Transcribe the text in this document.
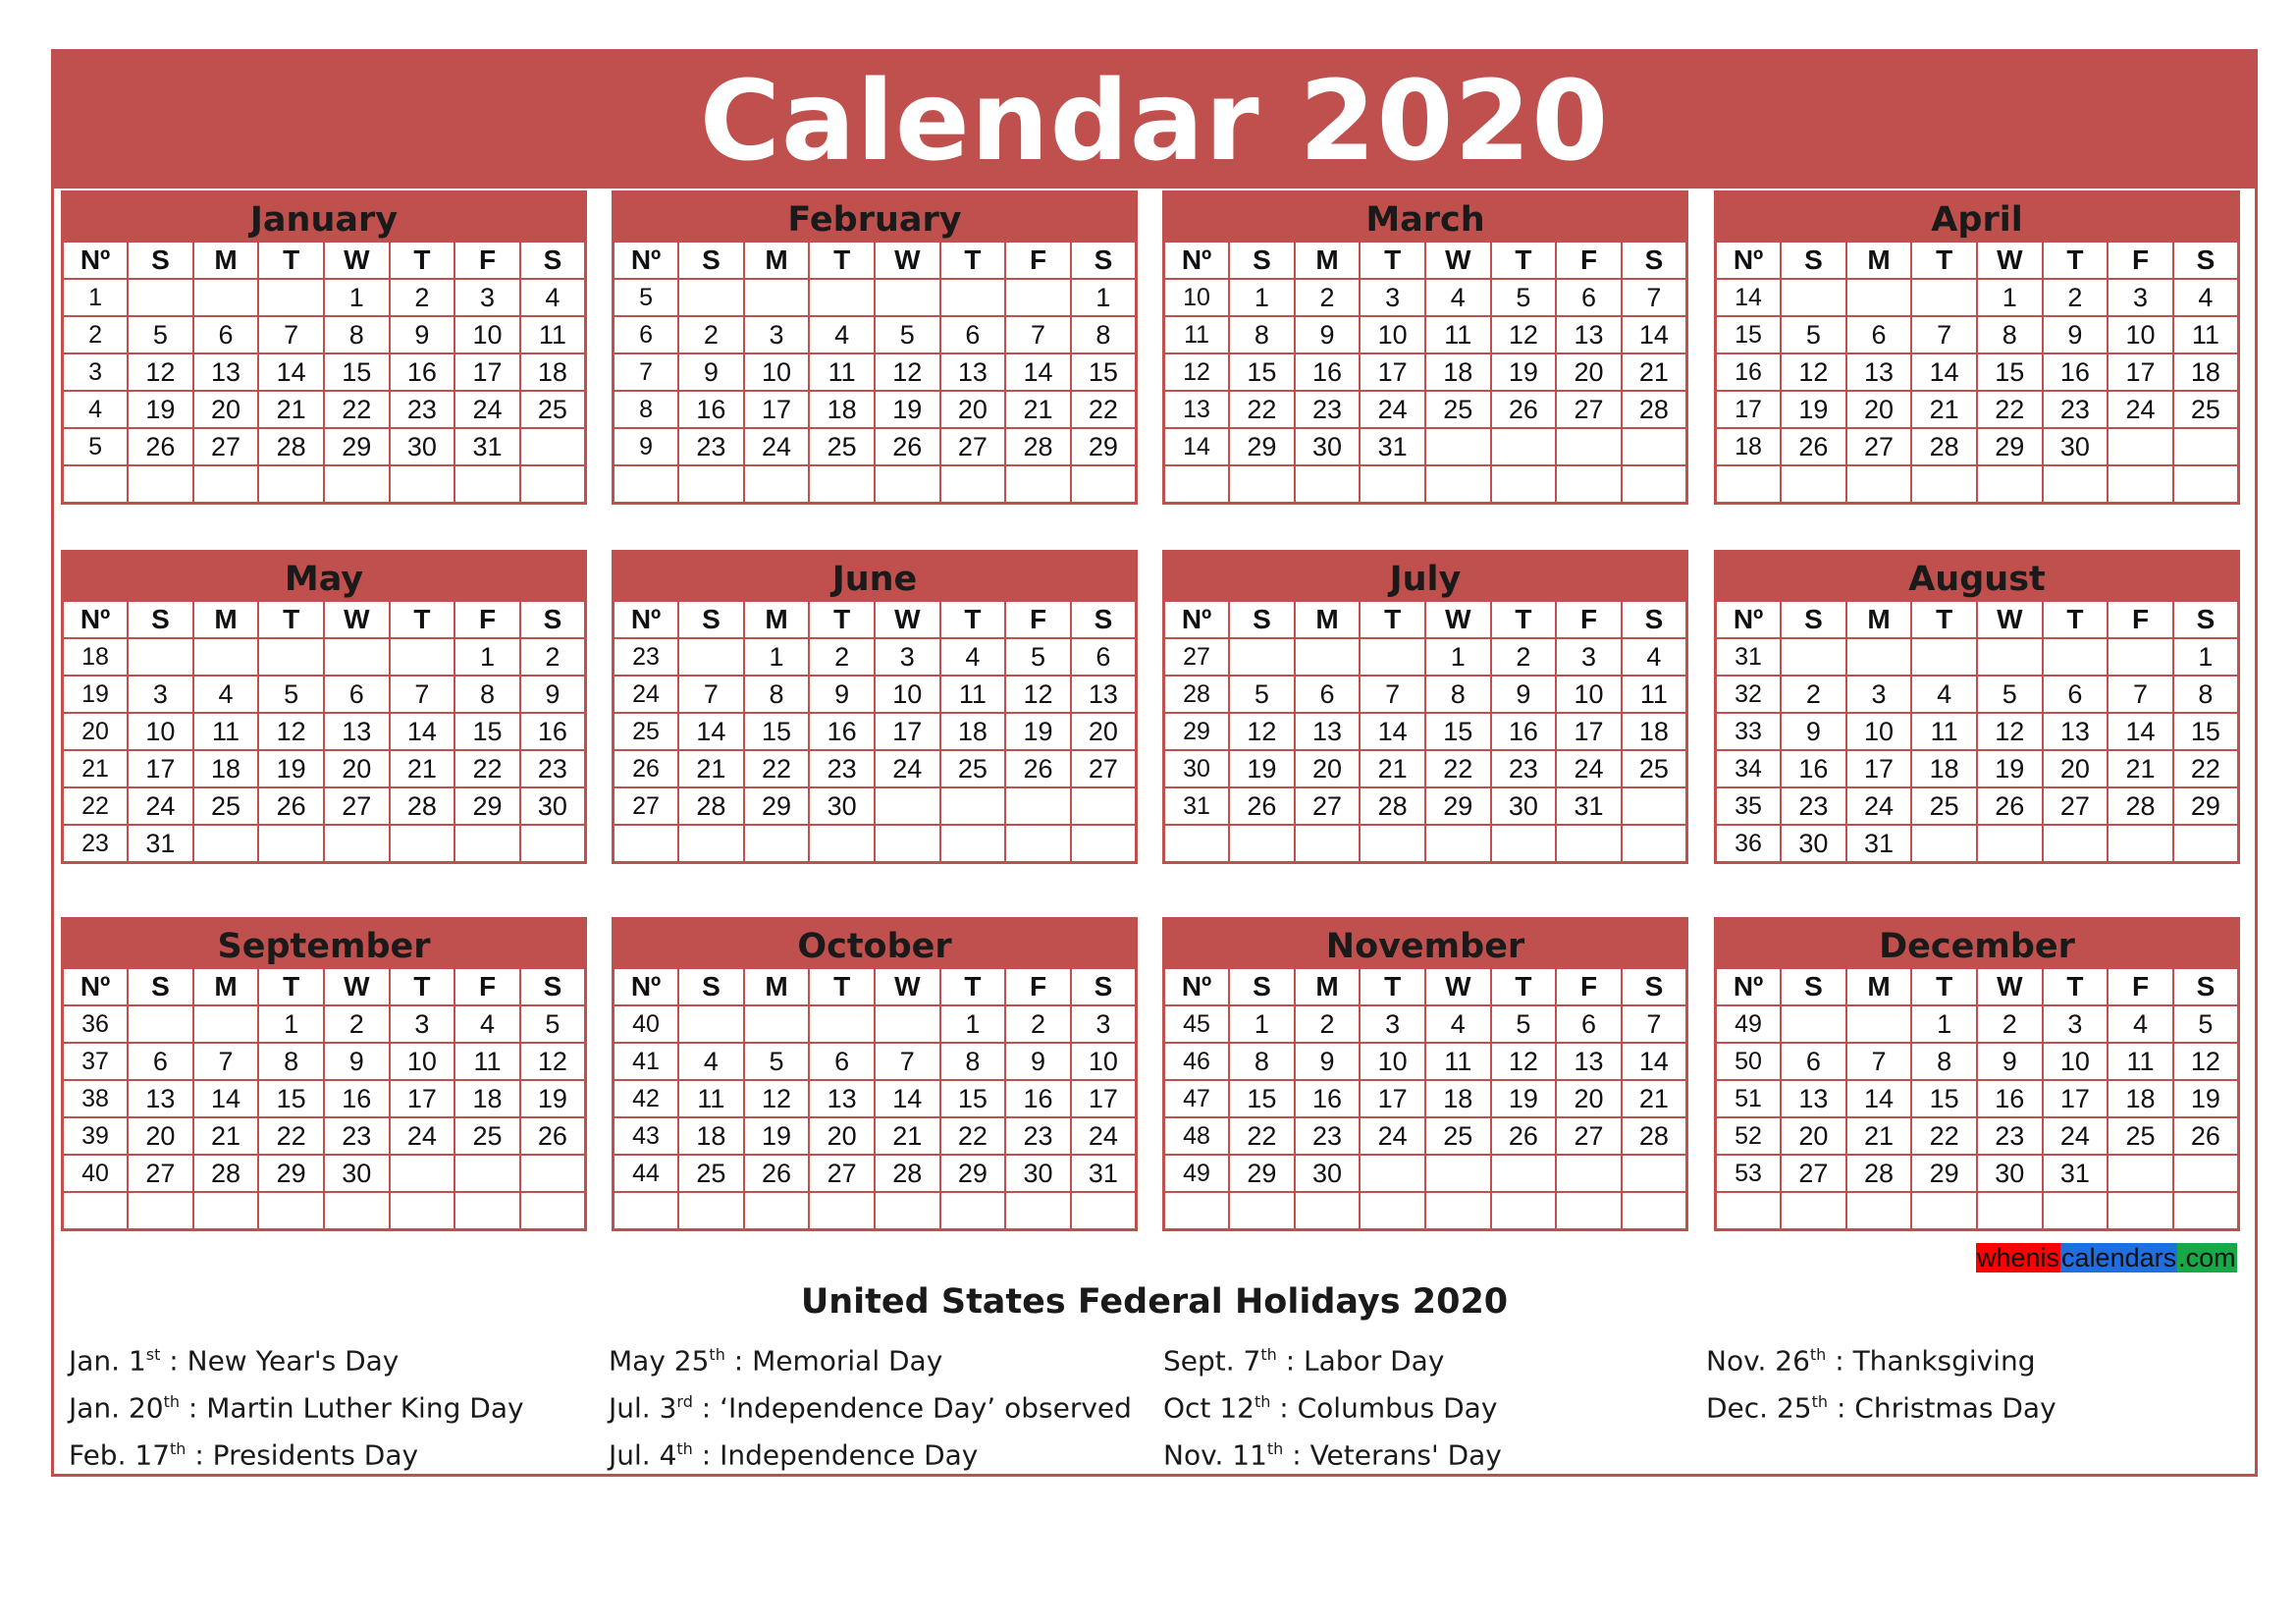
Calendar 2020
January
Nº	S	M	T	W	T	F	S
1				1	2	3	4
2	5	6	7	8	9	10	11
3	12	13	14	15	16	17	18
4	19	20	21	22	23	24	25
5	26	27	28	29	30	31	

February
Nº	S	M	T	W	T	F	S
5							1
6	2	3	4	5	6	7	8
7	9	10	11	12	13	14	15
8	16	17	18	19	20	21	22
9	23	24	25	26	27	28	29

March
Nº	S	M	T	W	T	F	S
10	1	2	3	4	5	6	7
11	8	9	10	11	12	13	14
12	15	16	17	18	19	20	21
13	22	23	24	25	26	27	28
14	29	30	31				

April
Nº	S	M	T	W	T	F	S
14				1	2	3	4
15	5	6	7	8	9	10	11
16	12	13	14	15	16	17	18
17	19	20	21	22	23	24	25
18	26	27	28	29	30		

May
Nº	S	M	T	W	T	F	S
18						1	2
19	3	4	5	6	7	8	9
20	10	11	12	13	14	15	16
21	17	18	19	20	21	22	23
22	24	25	26	27	28	29	30
23	31						
June
Nº	S	M	T	W	T	F	S
23		1	2	3	4	5	6
24	7	8	9	10	11	12	13
25	14	15	16	17	18	19	20
26	21	22	23	24	25	26	27
27	28	29	30				

July
Nº	S	M	T	W	T	F	S
27				1	2	3	4
28	5	6	7	8	9	10	11
29	12	13	14	15	16	17	18
30	19	20	21	22	23	24	25
31	26	27	28	29	30	31	

August
Nº	S	M	T	W	T	F	S
31							1
32	2	3	4	5	6	7	8
33	9	10	11	12	13	14	15
34	16	17	18	19	20	21	22
35	23	24	25	26	27	28	29
36	30	31					
September
Nº	S	M	T	W	T	F	S
36			1	2	3	4	5
37	6	7	8	9	10	11	12
38	13	14	15	16	17	18	19
39	20	21	22	23	24	25	26
40	27	28	29	30			

October
Nº	S	M	T	W	T	F	S
40					1	2	3
41	4	5	6	7	8	9	10
42	11	12	13	14	15	16	17
43	18	19	20	21	22	23	24
44	25	26	27	28	29	30	31

November
Nº	S	M	T	W	T	F	S
45	1	2	3	4	5	6	7
46	8	9	10	11	12	13	14
47	15	16	17	18	19	20	21
48	22	23	24	25	26	27	28
49	29	30					

December
Nº	S	M	T	W	T	F	S
49			1	2	3	4	5
50	6	7	8	9	10	11	12
51	13	14	15	16	17	18	19
52	20	21	22	23	24	25	26
53	27	28	29	30	31		

whenis calendars .com
United States Federal Holidays 2020
Jan. 1st : New Year's Day
Jan. 20th : Martin Luther King Day
Feb. 17th : Presidents Day
May 25th : Memorial Day
Jul. 3rd : ‘Independence Day’ observed
Jul. 4th : Independence Day
Sept. 7th : Labor Day
Oct 12th : Columbus Day
Nov. 11th : Veterans' Day
Nov. 26th : Thanksgiving
Dec. 25th : Christmas Day
